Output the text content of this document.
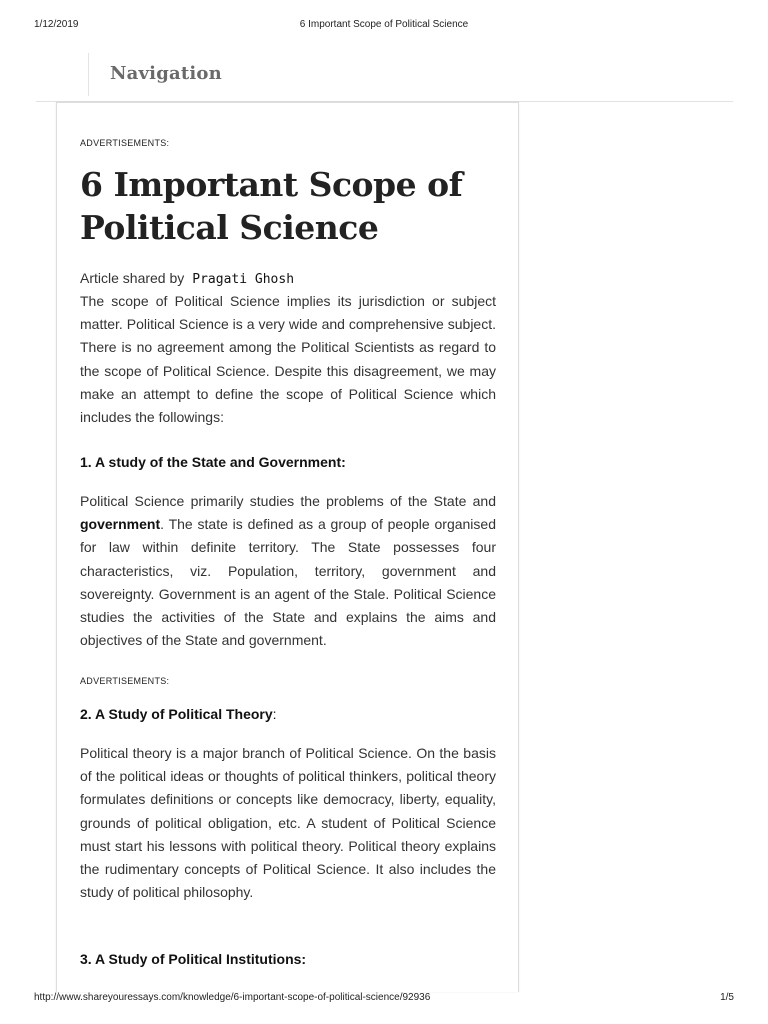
1/12/2019	6 Important Scope of Political Science
Navigation
ADVERTISEMENTS:
6 Important Scope of
Political Science
Article shared by Pragati Ghosh

The scope of Political Science implies its jurisdiction or subject matter. Political Science is a very wide and comprehensive subject. There is no agreement among the Political Scientists as regard to the scope of Political Science. Despite this disagreement, we may make an attempt to define the scope of Political Science which includes the followings:

1. A study of the State and Government:

Political Science primarily studies the problems of the State and government. The state is defined as a group of people organised for law within definite territory. The State possesses four characteristics, viz. Population, territory, government and sovereignty. Government is an agent of the Stale. Political Science studies the activities of the State and explains the aims and objectives of the State and government.

ADVERTISEMENTS:
2. A Study of Political Theory:

Political theory is a major branch of Political Science. On the basis of the political ideas or thoughts of political thinkers, political theory formulates definitions or concepts like democracy, liberty, equality, grounds of political obligation, etc. A student of Political Science must start his lessons with political theory. Political theory explains the rudimentary concepts of Political Science. It also includes the study of political philosophy.

3. A Study of Political Institutions:
http://www.shareyouressays.com/knowledge/6-important-scope-of-political-science/92936	1/5
